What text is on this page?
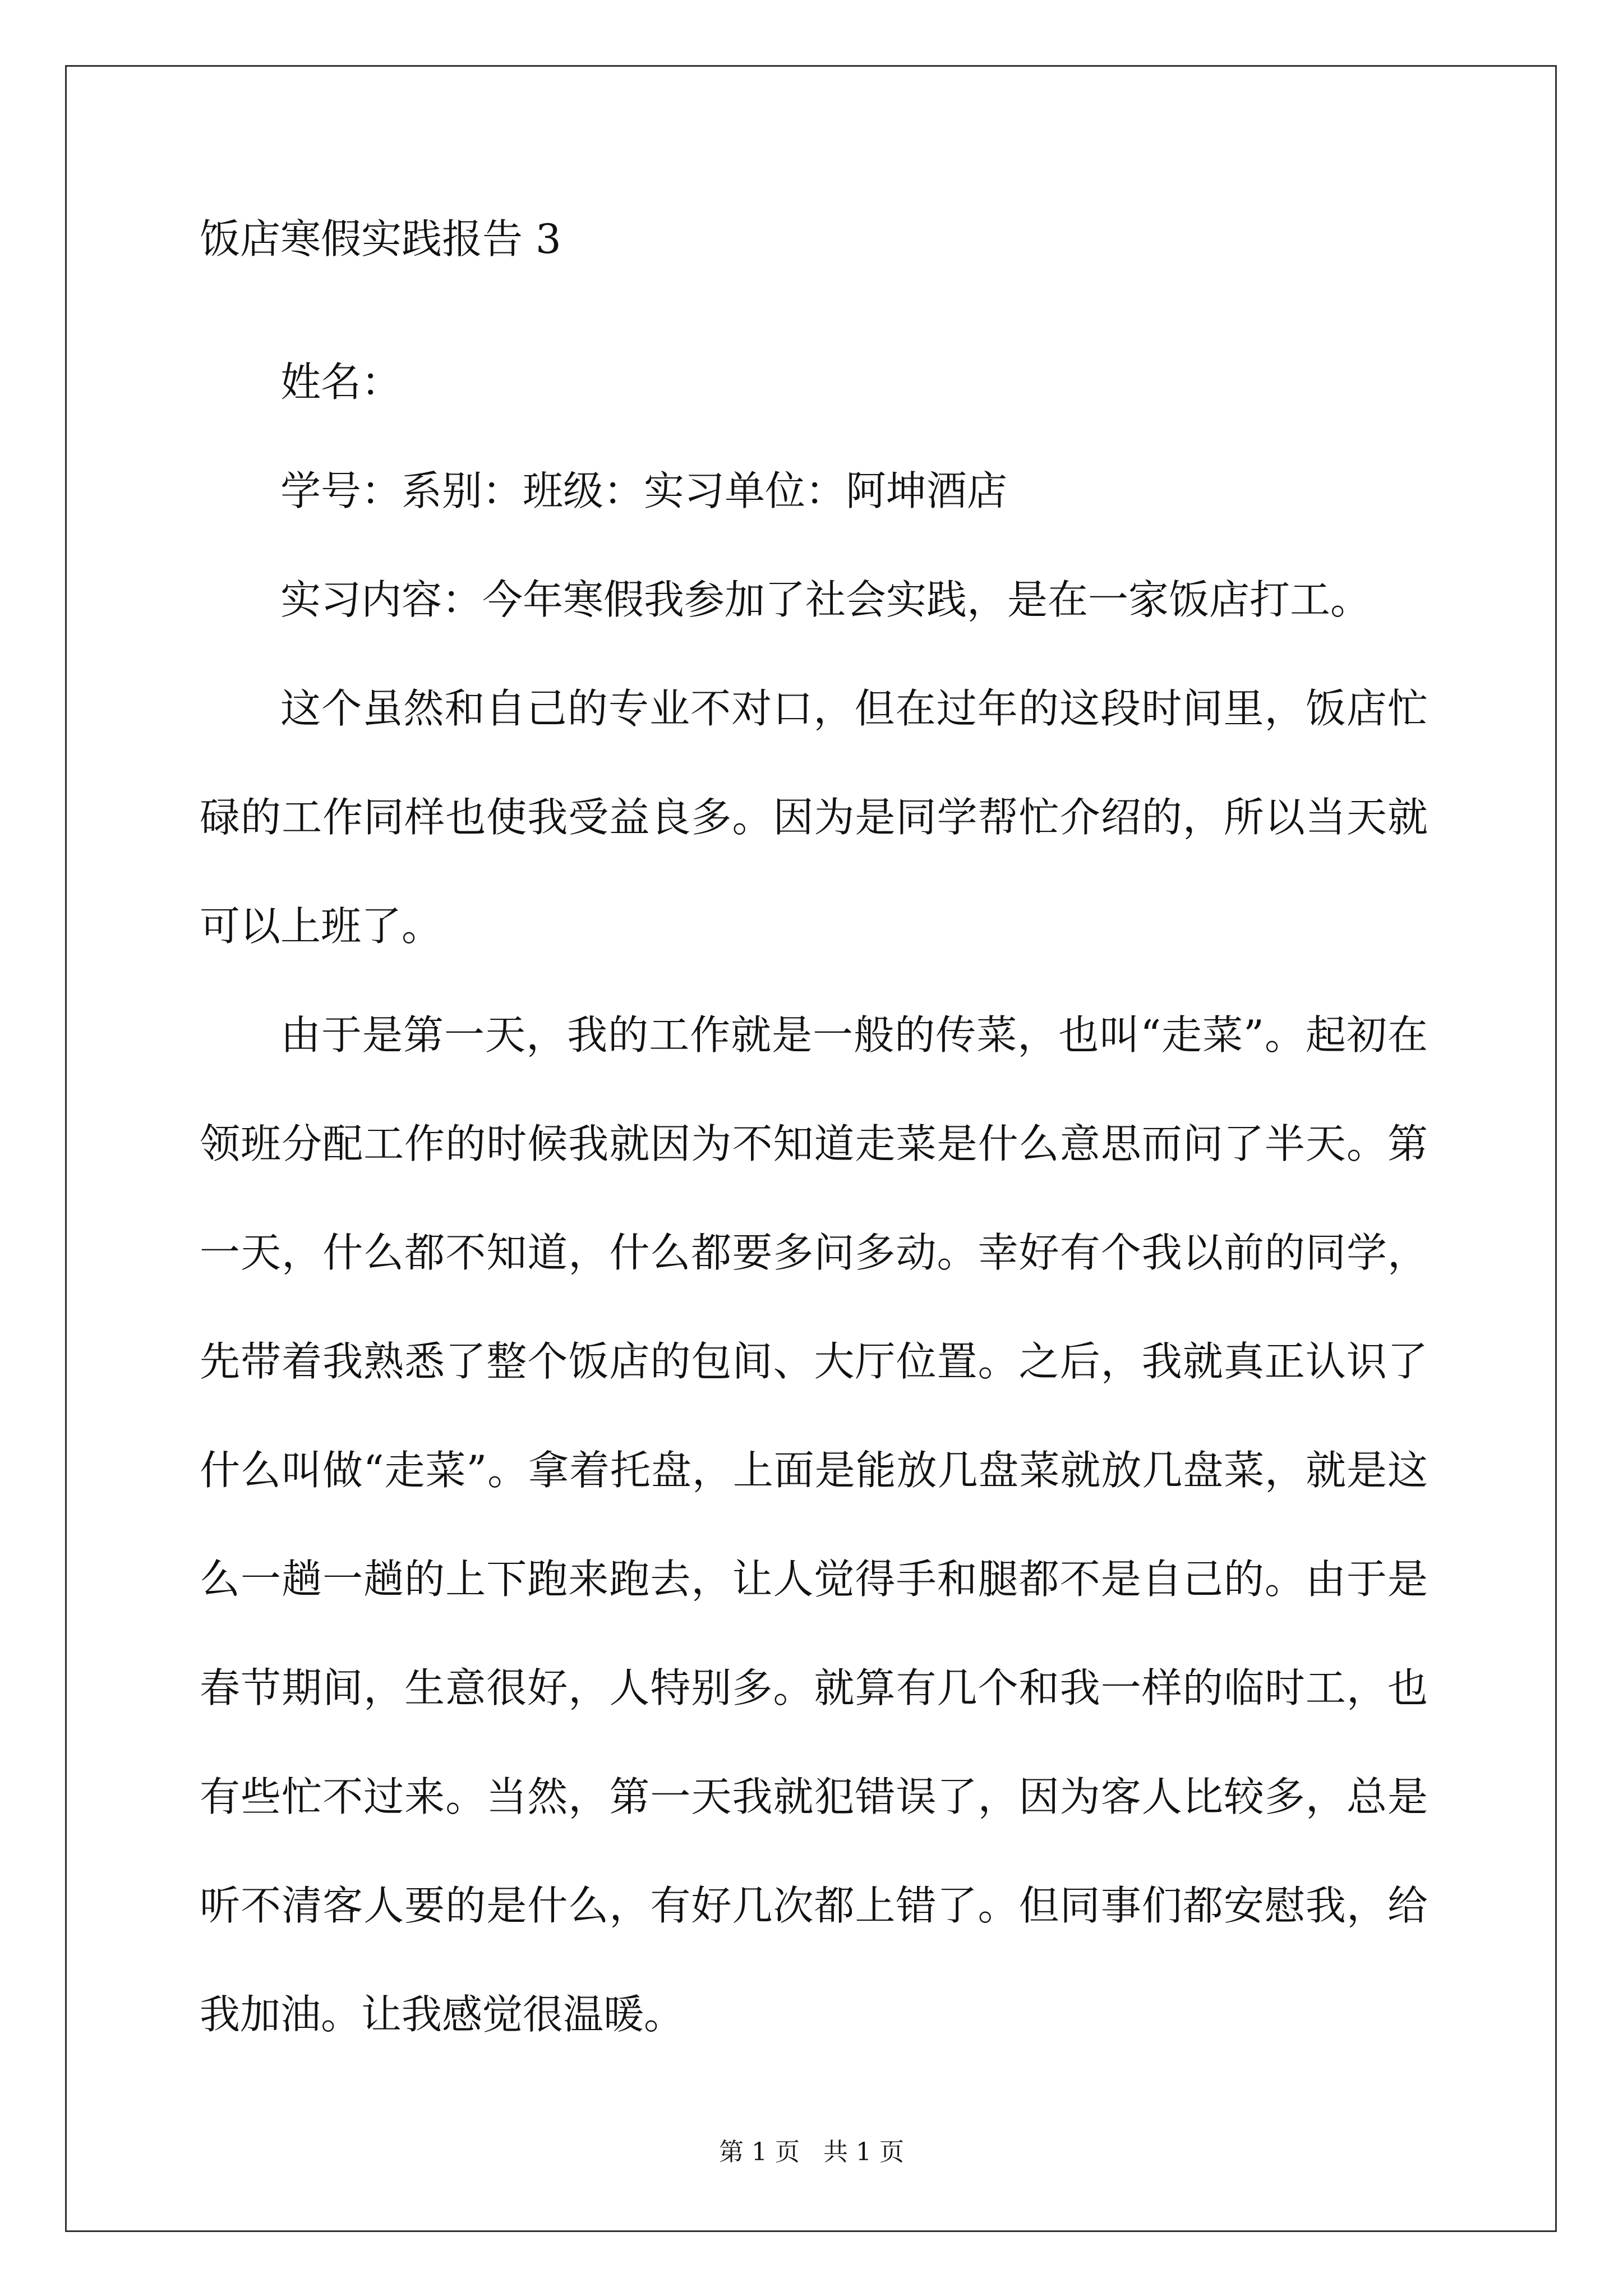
饭店寒假实践报告 3

姓名：

学号：系别：班级：实习单位：阿坤酒店

实习内容：今年寒假我参加了社会实践，是在一家饭店打工。

这个虽然和自己的专业不对口，但在过年的这段时间里，饭店忙碌的工作同样也使我受益良多。因为是同学帮忙介绍的，所以当天就可以上班了。

由于是第一天，我的工作就是一般的传菜，也叫“走菜”。起初在领班分配工作的时候我就因为不知道走菜是什么意思而问了半天。第一天，什么都不知道，什么都要多问多动。幸好有个我以前的同学，先带着我熟悉了整个饭店的包间、大厅位置。之后，我就真正认识了什么叫做“走菜”。拿着托盘，上面是能放几盘菜就放几盘菜，就是这么一趟一趟的上下跑来跑去，让人觉得手和腿都不是自己的。由于是春节期间，生意很好，人特别多。就算有几个和我一样的临时工，也有些忙不过来。当然，第一天我就犯错误了，因为客人比较多，总是听不清客人要的是什么，有好几次都上错了。但同事们都安慰我，给我加油。让我感觉很温暖。

第 1 页   共 1 页
